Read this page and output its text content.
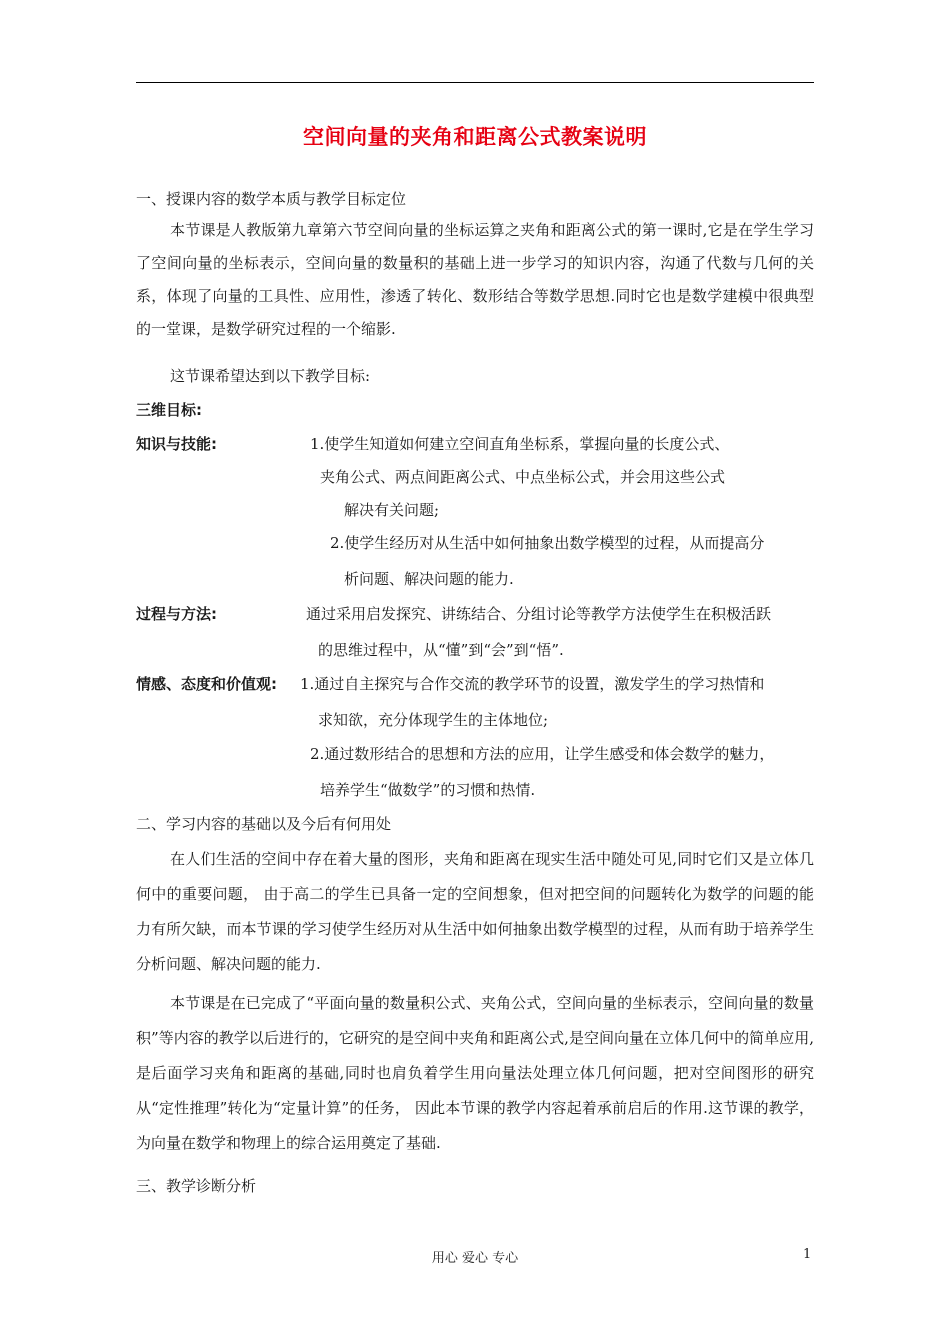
空间向量的夹角和距离公式教案说明
一、授课内容的数学本质与教学目标定位
本节课是人教版第九章第六节空间向量的坐标运算之夹角和距离公式的第一课时,它是在学生学习了空间向量的坐标表示，空间向量的数量积的基础上进一步学习的知识内容，沟通了代数与几何的关系，体现了向量的工具性、应用性，渗透了转化、数形结合等数学思想.同时它也是数学建模中很典型的一堂课，是数学研究过程的一个缩影.
这节课希望达到以下教学目标:
三维目标:
知识与技能:	1.使学生知道如何建立空间直角坐标系，掌握向量的长度公式、
夹角公式、两点间距离公式、中点坐标公式，并会用这些公式
解决有关问题;
2.使学生经历对从生活中如何抽象出数学模型的过程，从而提高分
析问题、解决问题的能力.
过程与方法:	通过采用启发探究、讲练结合、分组讨论等教学方法使学生在积极活跃
的思维过程中，从“懂”到“会”到“悟”.
情感、态度和价值观: 1.通过自主探究与合作交流的教学环节的设置，激发学生的学习热情和
求知欲，充分体现学生的主体地位;
2.通过数形结合的思想和方法的应用，让学生感受和体会数学的魅力，
培养学生“做数学”的习惯和热情.
二、学习内容的基础以及今后有何用处
在人们生活的空间中存在着大量的图形，夹角和距离在现实生活中随处可见,同时它们又是立体几何中的重要问题， 由于高二的学生已具备一定的空间想象，但对把空间的问题转化为数学的问题的能力有所欠缺，而本节课的学习使学生经历对从生活中如何抽象出数学模型的过程，从而有助于培养学生分析问题、解决问题的能力.
本节课是在已完成了“平面向量的数量积公式、夹角公式，空间向量的坐标表示，空间向量的数量积”等内容的教学以后进行的，它研究的是空间中夹角和距离公式,是空间向量在立体几何中的简单应用,是后面学习夹角和距离的基础,同时也肩负着学生用向量法处理立体几何问题，把对空间图形的研究从“定性推理”转化为“定量计算”的任务， 因此本节课的教学内容起着承前启后的作用.这节课的教学，为向量在数学和物理上的综合运用奠定了基础.
三、教学诊断分析
用心 爱心 专心	1
